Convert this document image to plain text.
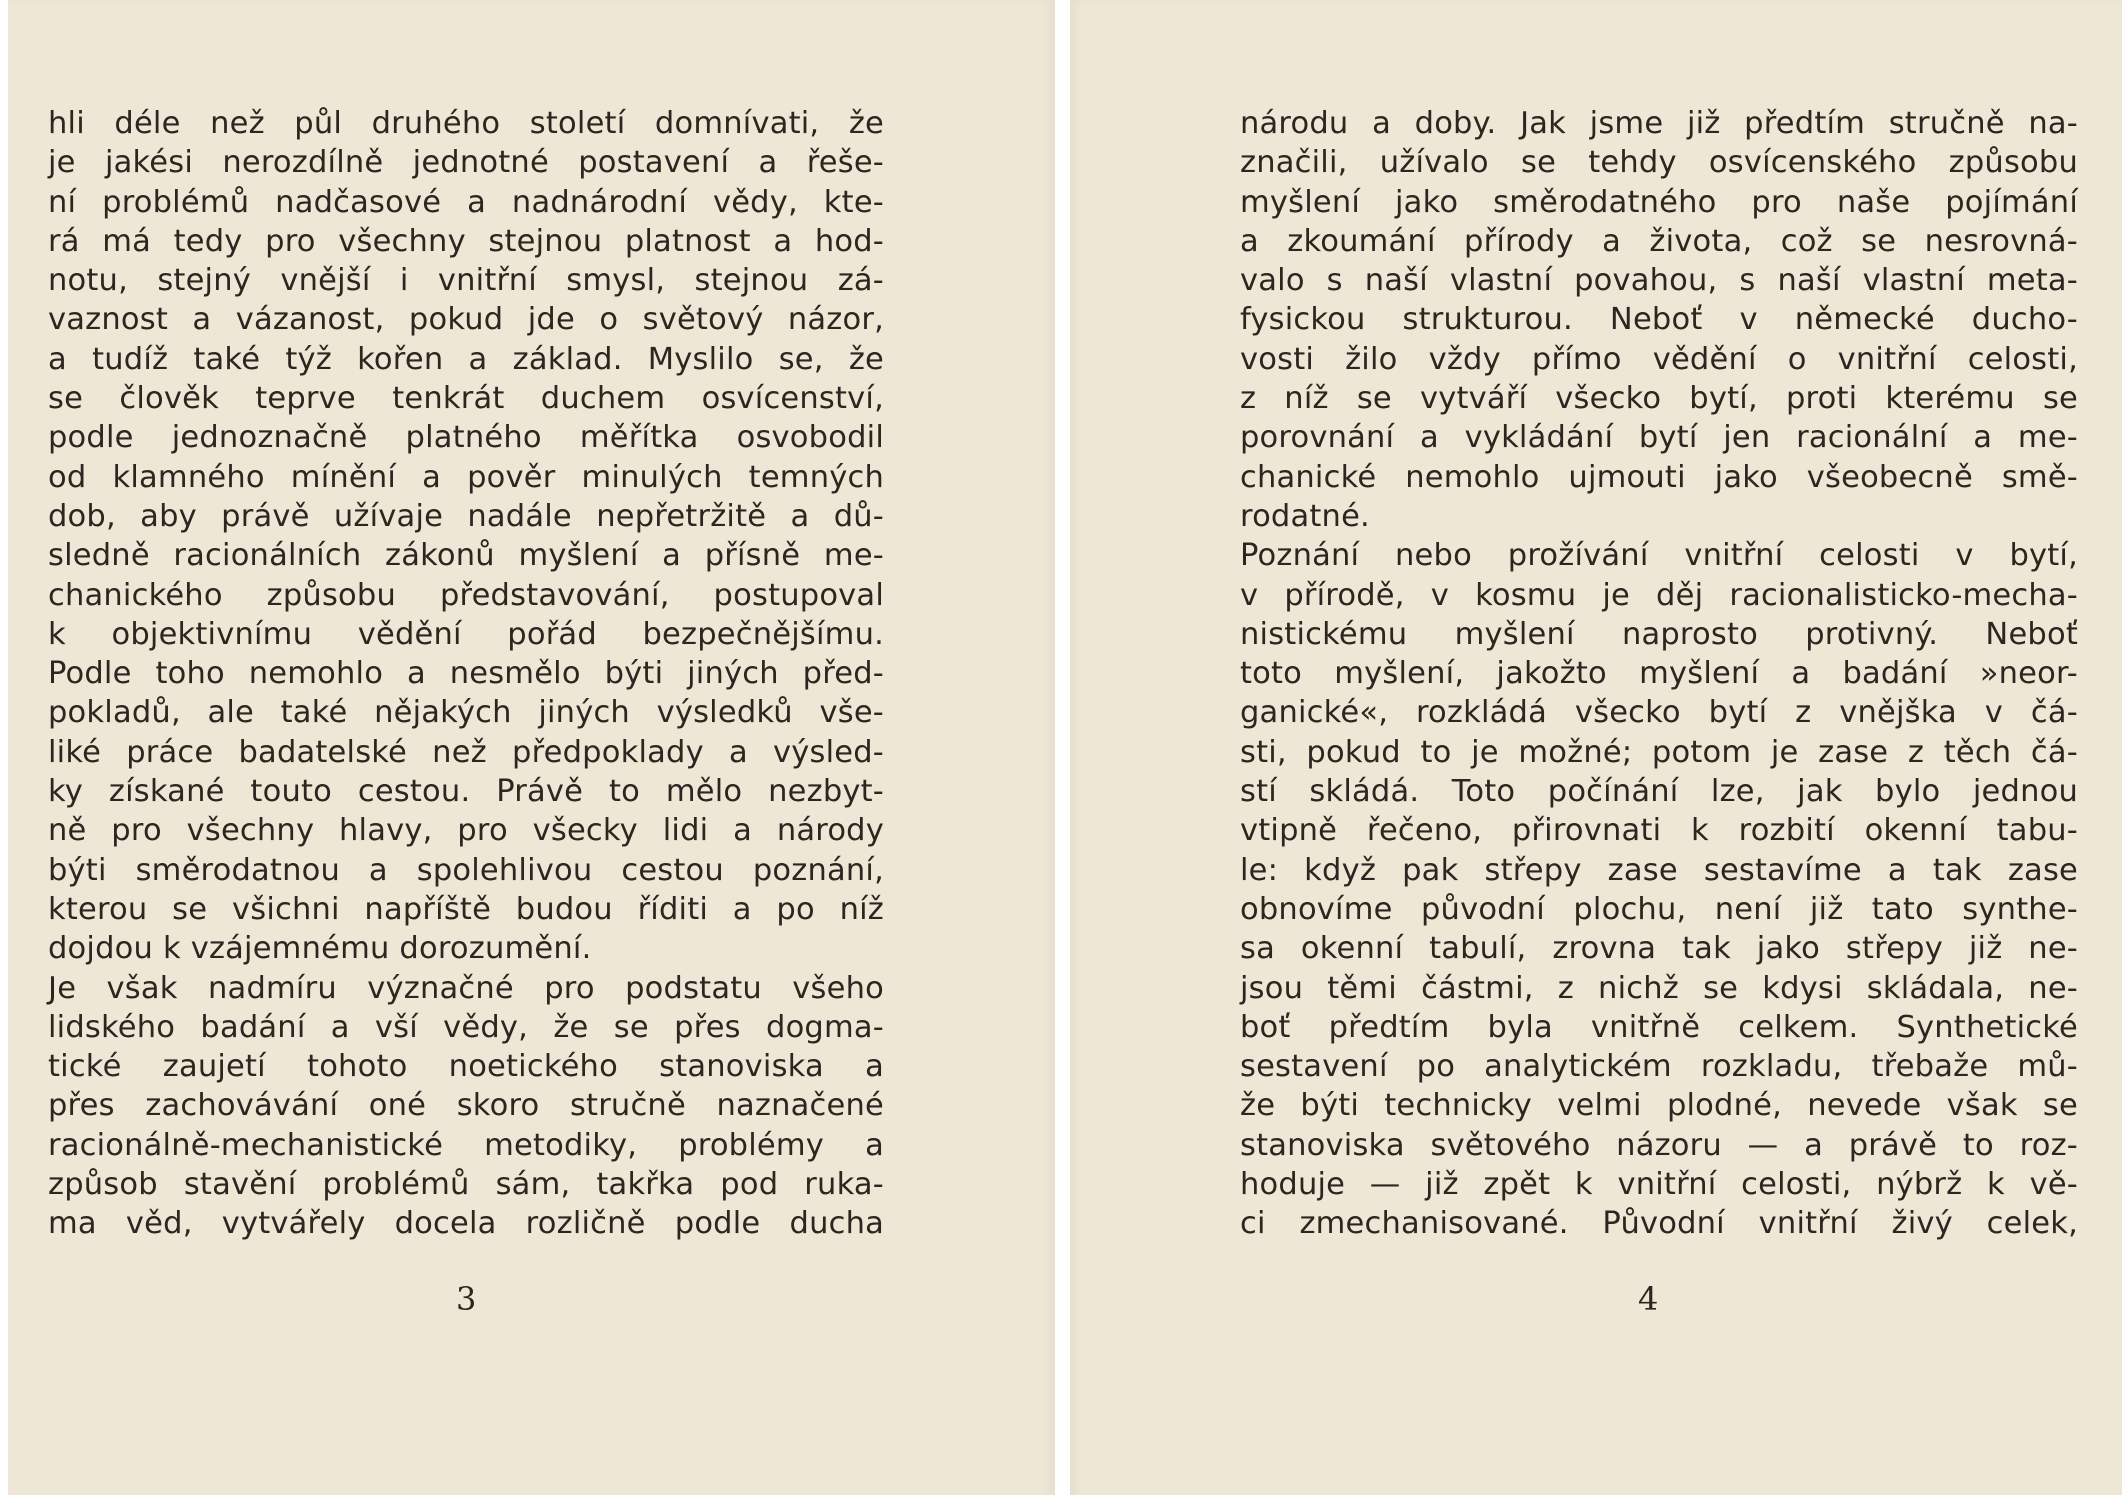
hli déle než půl druhého století domnívati, že
je jakési nerozdílně jednotné postavení a řeše-
ní problémů nadčasové a nadnárodní vědy, kte-
rá má tedy pro všechny stejnou platnost a hod-
notu, stejný vnější i vnitřní smysl, stejnou zá-
vaznost a vázanost, pokud jde o světový názor,
a tudíž také týž kořen a základ. Myslilo se, že
se člověk teprve tenkrát duchem osvícenství,
podle jednoznačně platného měřítka osvobodil
od klamného mínění a pověr minulých temných
dob, aby právě užívaje nadále nepřetržitě a dů-
sledně racionálních zákonů myšlení a přísně me-
chanického způsobu představování, postupoval
k objektivnímu vědění pořád bezpečnějšímu.
Podle toho nemohlo a nesmělo býti jiných před-
pokladů, ale také nějakých jiných výsledků vše-
liké práce badatelské než předpoklady a výsled-
ky získané touto cestou. Právě to mělo nezbyt-
ně pro všechny hlavy, pro všecky lidi a národy
býti směrodatnou a spolehlivou cestou poznání,
kterou se všichni napříště budou říditi a po níž
dojdou k vzájemnému dorozumění.
Je však nadmíru význačné pro podstatu všeho
lidského badání a vší vědy, že se přes dogma-
tické zaujetí tohoto noetického stanoviska a
přes zachovávání oné skoro stručně naznačené
racionálně-mechanistické metodiky, problémy a
způsob stavění problémů sám, takřka pod ruka-
ma věd, vytvářely docela rozličně podle ducha
3
národu a doby. Jak jsme již předtím stručně na-
značili, užívalo se tehdy osvícenského způsobu
myšlení jako směrodatného pro naše pojímání
a zkoumání přírody a života, což se nesrovná-
valo s naší vlastní povahou, s naší vlastní meta-
fysickou strukturou. Neboť v německé ducho-
vosti žilo vždy přímo vědění o vnitřní celosti,
z níž se vytváří všecko bytí, proti kterému se
porovnání a vykládání bytí jen racionální a me-
chanické nemohlo ujmouti jako všeobecně smě-
rodatné.
Poznání nebo prožívání vnitřní celosti v bytí,
v přírodě, v kosmu je děj racionalisticko-mecha-
nistickému myšlení naprosto protivný. Neboť
toto myšlení, jakožto myšlení a badání »neor-
ganické«, rozkládá všecko bytí z vnějška v čá-
sti, pokud to je možné; potom je zase z těch čá-
stí skládá. Toto počínání lze, jak bylo jednou
vtipně řečeno, přirovnati k rozbití okenní tabu-
le: když pak střepy zase sestavíme a tak zase
obnovíme původní plochu, není již tato synthe-
sa okenní tabulí, zrovna tak jako střepy již ne-
jsou těmi částmi, z nichž se kdysi skládala, ne-
boť předtím byla vnitřně celkem. Synthetické
sestavení po analytickém rozkladu, třebaže mů-
že býti technicky velmi plodné, nevede však se
stanoviska světového názoru — a právě to roz-
hoduje — již zpět k vnitřní celosti, nýbrž k vě-
ci zmechanisované. Původní vnitřní živý celek,
4
